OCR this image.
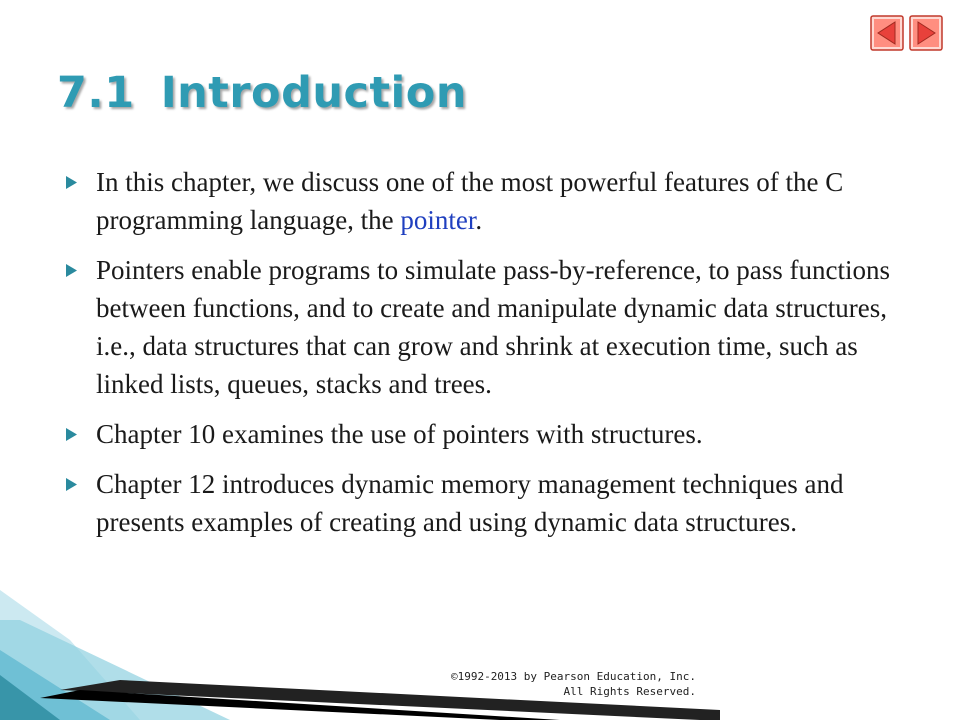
7.1 Introduction
In this chapter, we discuss one of the most powerful features of the C programming language, the pointer.
Pointers enable programs to simulate pass-by-reference, to pass functions between functions, and to create and manipulate dynamic data structures, i.e., data structures that can grow and shrink at execution time, such as linked lists, queues, stacks and trees.
Chapter 10 examines the use of pointers with structures.
Chapter 12 introduces dynamic memory management techniques and presents examples of creating and using dynamic data structures.
©1992-2013 by Pearson Education, Inc.
All Rights Reserved.
